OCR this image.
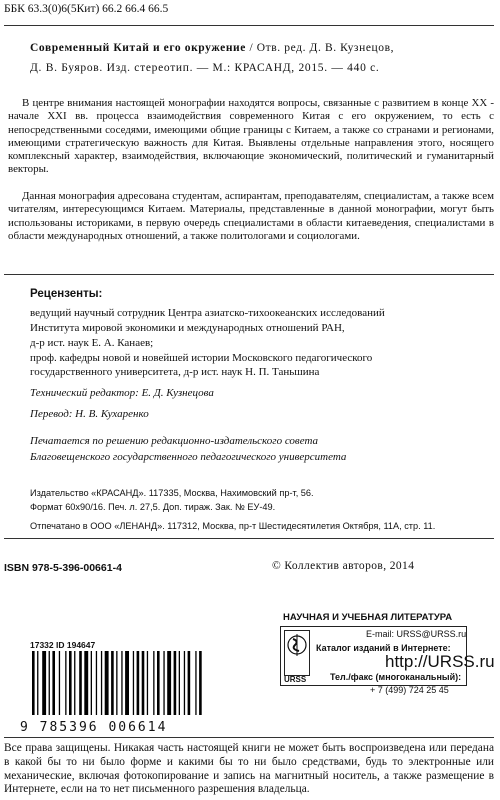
ББК 63.3(0)6(5Кит) 66.2 66.4 66.5
Современный Китай и его окружение / Отв. ред. Д. В. Кузнецов,
Д. В. Буяров. Изд. стереотип. — М.: КРАСАНД, 2015. — 440 с.

В центре внимания настоящей монографии находятся вопросы, связанные с развитием в конце XX - начале XXI вв. процесса взаимодействия современного Китая с его окружением, то есть с непосредственными соседями, имеющими общие границы с Китаем, а также со странами и регионами, имеющими стратегическую важность для Китая. Выявлены отдельные направления этого, носящего комплексный характер, взаимодействия, включающие экономический, политический и гуманитарный векторы.

Данная монография адресована студентам, аспирантам, преподавателям, специалистам, а также всем читателям, интересующимся Китаем. Материалы, представленные в данной монографии, могут быть использованы историками, в первую очередь специалистами в области китаеведения, специалистами в области международных отношений, а также политологами и социологами.

Рецензенты:
ведущий научный сотрудник Центра азиатско-тихоокеанских исследований
Института мировой экономики и международных отношений РАН,
д-р ист. наук Е. А. Канаев;
проф. кафедры новой и новейшей истории Московского педагогического
государственного университета, д-р ист. наук Н. П. Таньшина
Технический редактор: Е. Д. Кузнецова
Перевод: Н. В. Кухаренко
Печатается по решению редакционно-издательского совета
Благовещенского государственного педагогического университета
Издательство «КРАСАНД». 117335, Москва, Нахимовский пр-т, 56.
Формат 60х90/16. Печ. л. 27,5. Доп. тираж. Зак. № ЕУ-49.
Отпечатано в ООО «ЛЕНАНД». 117312, Москва, пр-т Шестидесятилетия Октября, 11А, стр. 11.
ISBN 978-5-396-00661-4	© Коллектив авторов, 2014
17332 ID 194647
9 785396 006614
НАУЧНАЯ И УЧЕБНАЯ ЛИТЕРАТУРА
URSS
E-mail: URSS@URSS.ru
Каталог изданий в Интернете:
http://URSS.ru
Тел./факс (многоканальный):
+ 7 (499) 724 25 45

Все права защищены. Никакая часть настоящей книги не может быть воспроизведена или передана в какой бы то ни было форме и какими бы то ни было средствами, будь то электронные или механические, включая фотокопирование и запись на магнитный носитель, а также размещение в Интернете, если на то нет письменного разрешения владельца.
